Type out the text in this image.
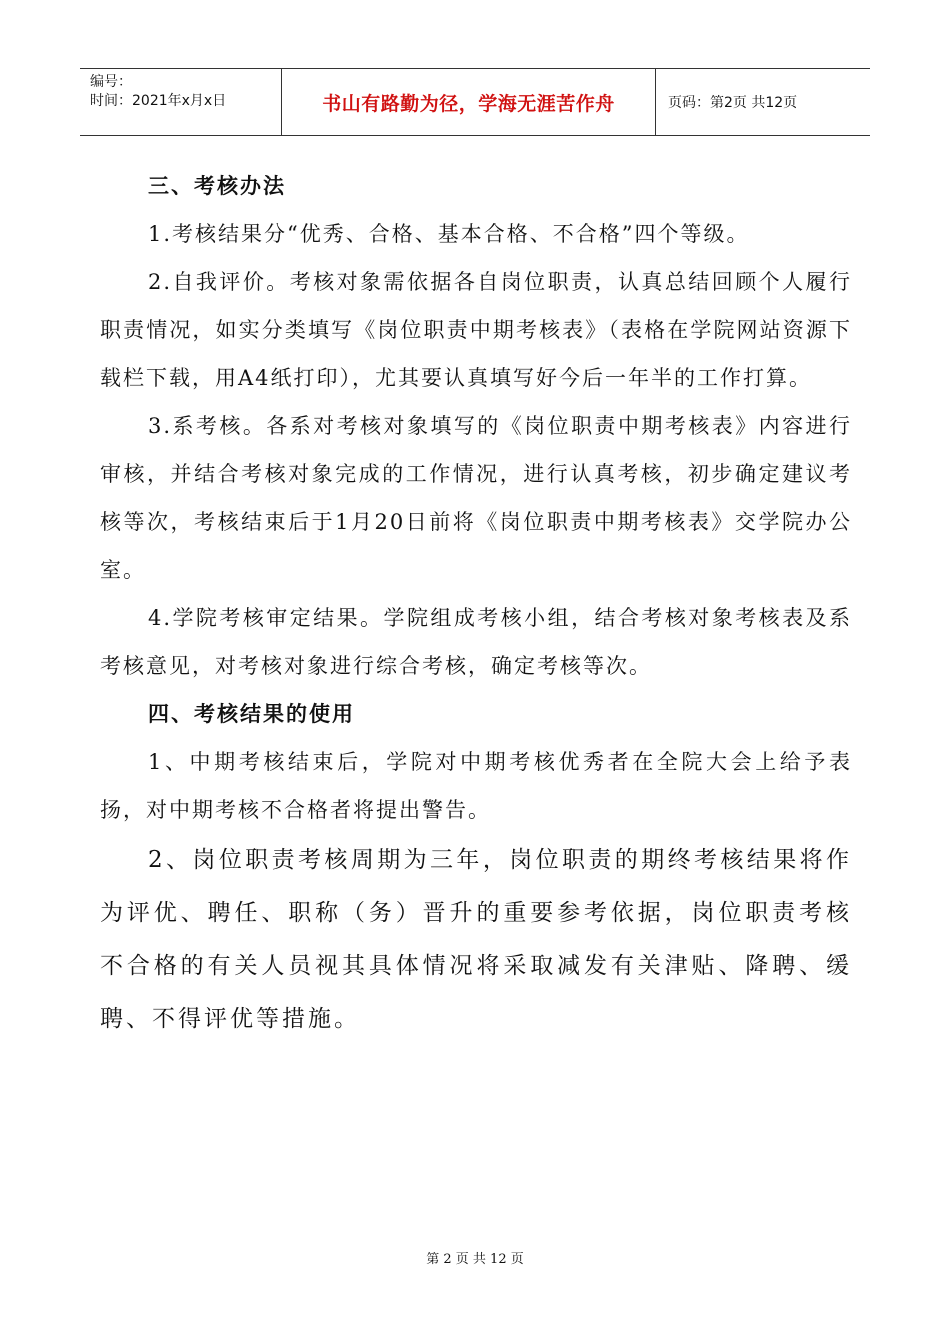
编号：
时间：2021年x月x日	书山有路勤为径，学海无涯苦作舟	页码：第2页 共12页

三、考核办法

1.考核结果分“优秀、合格、基本合格、不合格”四个等级。

2.自我评价。考核对象需依据各自岗位职责，认真总结回顾个人履行职责情况，如实分类填写《岗位职责中期考核表》（表格在学院网站资源下载栏下载，用A4纸打印），尤其要认真填写好今后一年半的工作打算。

3.系考核。各系对考核对象填写的《岗位职责中期考核表》内容进行审核，并结合考核对象完成的工作情况，进行认真考核，初步确定建议考核等次，考核结束后于1月20日前将《岗位职责中期考核表》交学院办公室。

4.学院考核审定结果。学院组成考核小组，结合考核对象考核表及系考核意见，对考核对象进行综合考核，确定考核等次。

四、考核结果的使用

1、中期考核结束后，学院对中期考核优秀者在全院大会上给予表扬，对中期考核不合格者将提出警告。

2、岗位职责考核周期为三年，岗位职责的期终考核结果将作为评优、聘任、职称（务）晋升的重要参考依据，岗位职责考核不合格的有关人员视其具体情况将采取减发有关津贴、降聘、缓聘、不得评优等措施。

第 2 页 共 12 页
